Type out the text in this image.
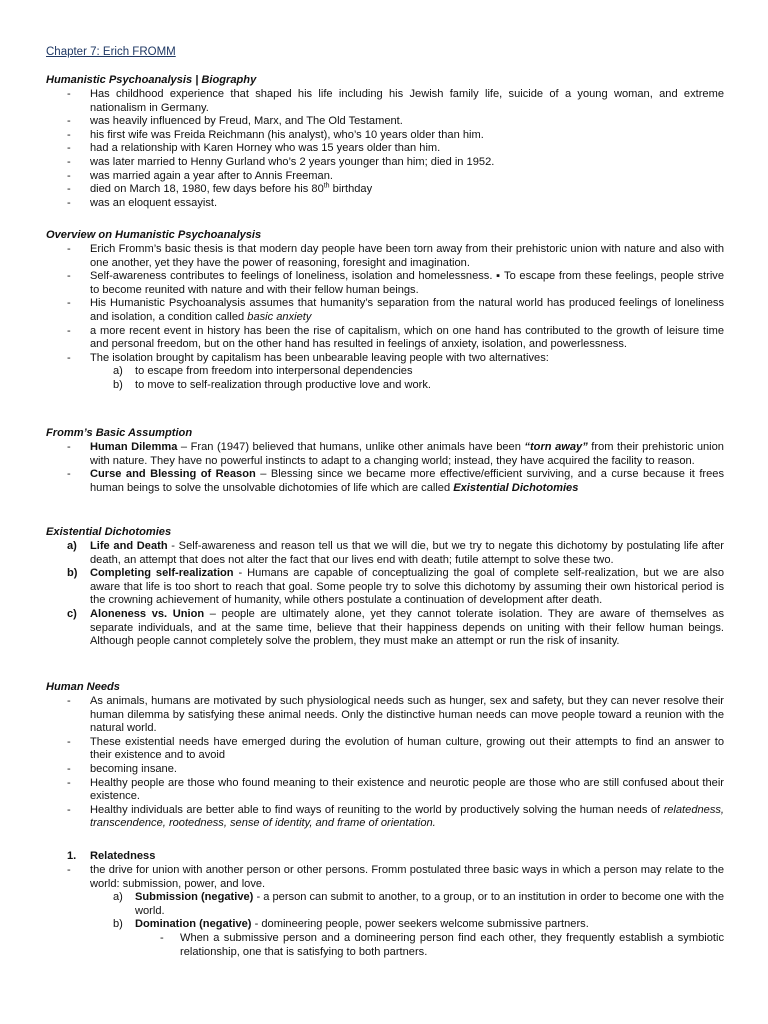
Chapter 7: Erich FROMM
Humanistic Psychoanalysis | Biography
- Has childhood experience that shaped his life including his Jewish family life, suicide of a young woman, and extreme nationalism in Germany.
- was heavily influenced by Freud, Marx, and The Old Testament.
- his first wife was Freida Reichmann (his analyst), who’s 10 years older than him.
- had a relationship with Karen Horney who was 15 years older than him.
- was later married to Henny Gurland who’s 2 years younger than him; died in 1952.
- was married again a year after to Annis Freeman.
- died on March 18, 1980, few days before his 80th birthday
- was an eloquent essayist.
Overview on Humanistic Psychoanalysis
- Erich Fromm’s basic thesis is that modern day people have been torn away from their prehistoric union with nature and also with one another, yet they have the power of reasoning, foresight and imagination.
- Self-awareness contributes to feelings of loneliness, isolation and homelessness. ▪ To escape from these feelings, people strive to become reunited with nature and with their fellow human beings.
- His Humanistic Psychoanalysis assumes that humanity’s separation from the natural world has produced feelings of loneliness and isolation, a condition called basic anxiety
- a more recent event in history has been the rise of capitalism, which on one hand has contributed to the growth of leisure time and personal freedom, but on the other hand has resulted in feelings of anxiety, isolation, and powerlessness.
- The isolation brought by capitalism has been unbearable leaving people with two alternatives:
a) to escape from freedom into interpersonal dependencies
b) to move to self-realization through productive love and work.
Fromm’s Basic Assumption
- Human Dilemma – Fran (1947) believed that humans, unlike other animals have been “torn away” from their prehistoric union with nature. They have no powerful instincts to adapt to a changing world; instead, they have acquired the facility to reason.
- Curse and Blessing of Reason – Blessing since we became more effective/efficient surviving, and a curse because it frees human beings to solve the unsolvable dichotomies of life which are called Existential Dichotomies
Existential Dichotomies
a) Life and Death - Self-awareness and reason tell us that we will die, but we try to negate this dichotomy by postulating life after death, an attempt that does not alter the fact that our lives end with death; futile attempt to solve these two.
b) Completing self-realization - Humans are capable of conceptualizing the goal of complete self-realization, but we are also aware that life is too short to reach that goal. Some people try to solve this dichotomy by assuming their own historical period is the crowning achievement of humanity, while others postulate a continuation of development after death.
c) Aloneness vs. Union – people are ultimately alone, yet they cannot tolerate isolation. They are aware of themselves as separate individuals, and at the same time, believe that their happiness depends on uniting with their fellow human beings. Although people cannot completely solve the problem, they must make an attempt or run the risk of insanity.
Human Needs
- As animals, humans are motivated by such physiological needs such as hunger, sex and safety, but they can never resolve their human dilemma by satisfying these animal needs. Only the distinctive human needs can move people toward a reunion with the natural world.
- These existential needs have emerged during the evolution of human culture, growing out their attempts to find an answer to their existence and to avoid
- becoming insane.
- Healthy people are those who found meaning to their existence and neurotic people are those who are still confused about their existence.
- Healthy individuals are better able to find ways of reuniting to the world by productively solving the human needs of relatedness, transcendence, rootedness, sense of identity, and frame of orientation.
1. Relatedness
- the drive for union with another person or other persons. Fromm postulated three basic ways in which a person may relate to the world: submission, power, and love.
a) Submission (negative) - a person can submit to another, to a group, or to an institution in order to become one with the world.
b) Domination (negative) - domineering people, power seekers welcome submissive partners.
- When a submissive person and a domineering person find each other, they frequently establish a symbiotic relationship, one that is satisfying to both partners.
